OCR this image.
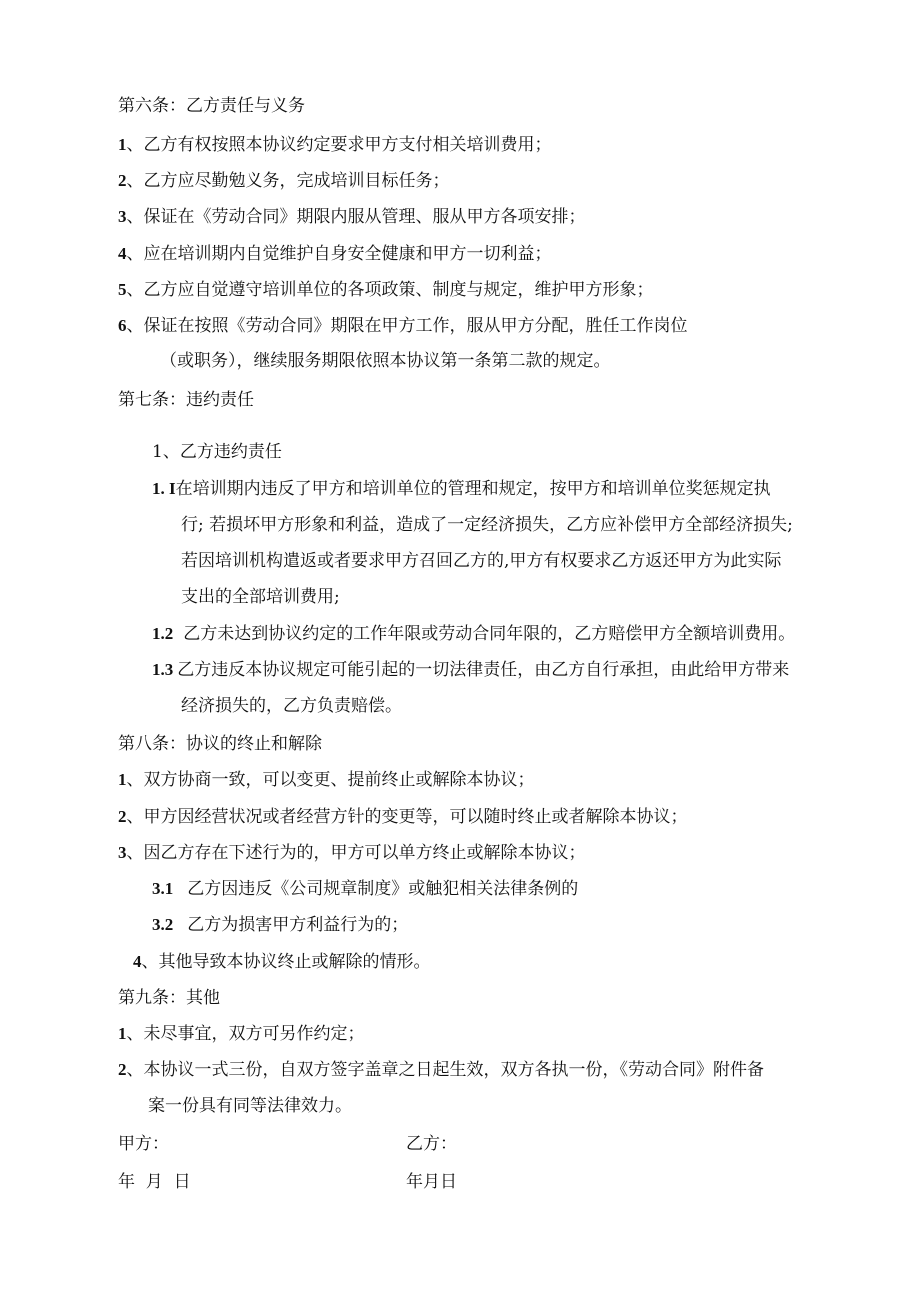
第六条：乙方责任与义务
1、乙方有权按照本协议约定要求甲方支付相关培训费用；
2、乙方应尽勤勉义务，完成培训目标任务；
3、保证在《劳动合同》期限内服从管理、服从甲方各项安排；
4、应在培训期内自觉维护自身安全健康和甲方一切利益；
5、乙方应自觉遵守培训单位的各项政策、制度与规定，维护甲方形象；
6、保证在按照《劳动合同》期限在甲方工作，服从甲方分配，胜任工作岗位
（或职务），继续服务期限依照本协议第一条第二款的规定。
第七条：违约责任
1、乙方违约责任
1. I在培训期内违反了甲方和培训单位的管理和规定，按甲方和培训单位奖惩规定执
行; 若损坏甲方形象和利益，造成了一定经济损失，乙方应补偿甲方全部经济损失;
若因培训机构遣返或者要求甲方召回乙方的,甲方有权要求乙方返还甲方为此实际
支出的全部培训费用;
1.2 乙方未达到协议约定的工作年限或劳动合同年限的，乙方赔偿甲方全额培训费用。
1.3 乙方违反本协议规定可能引起的一切法律责任，由乙方自行承担，由此给甲方带来
经济损失的，乙方负责赔偿。
第八条：协议的终止和解除
1、双方协商一致，可以变更、提前终止或解除本协议；
2、甲方因经营状况或者经营方针的变更等，可以随时终止或者解除本协议；
3、因乙方存在下述行为的，甲方可以单方终止或解除本协议；
3.1 乙方因违反《公司规章制度》或触犯相关法律条例的
3.2 乙方为损害甲方利益行为的；
4、其他导致本协议终止或解除的情形。
第九条：其他
1、未尽事宜，双方可另作约定；
2、本协议一式三份，自双方签字盖章之日起生效，双方各执一份，《劳动合同》附件备
案一份具有同等法律效力。
甲方：	乙方：
年  月  日	年月日
